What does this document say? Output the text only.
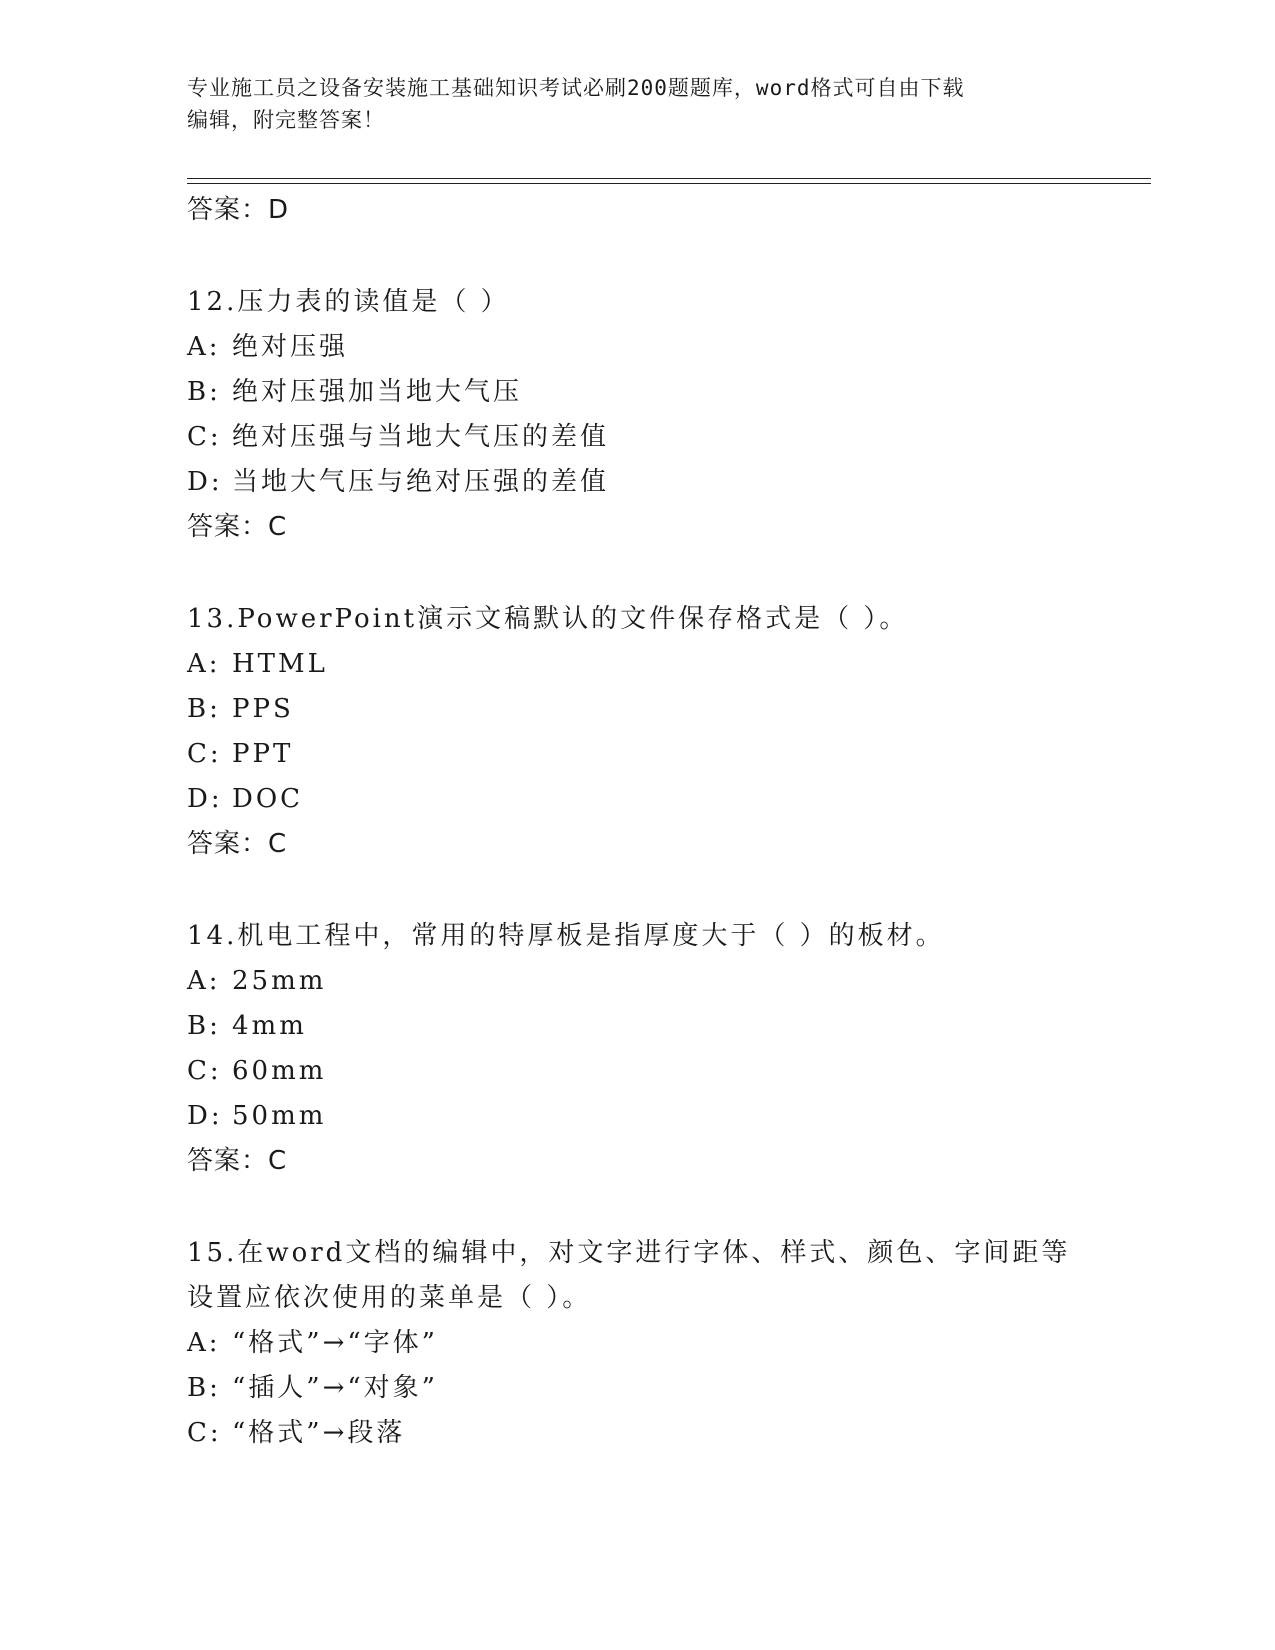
专业施工员之设备安装施工基础知识考试必刷200题题库，word格式可自由下载
编辑，附完整答案！
答案：D
12.压力表的读值是（ ）
A: 绝对压强
B: 绝对压强加当地大气压
C: 绝对压强与当地大气压的差值
D: 当地大气压与绝对压强的差值
答案：C
13.PowerPoint演示文稿默认的文件保存格式是（ ）。
A: HTML
B: PPS
C: PPT
D: DOC
答案：C
14.机电工程中，常用的特厚板是指厚度大于（ ）的板材。
A: 25mm
B: 4mm
C: 60mm
D: 50mm
答案：C
15.在word文档的编辑中，对文字进行字体、样式、颜色、字间距等
设置应依次使用的菜单是（ ）。
A: “格式”→“字体”
B: “插人”→“对象”
C: “格式”→段落
